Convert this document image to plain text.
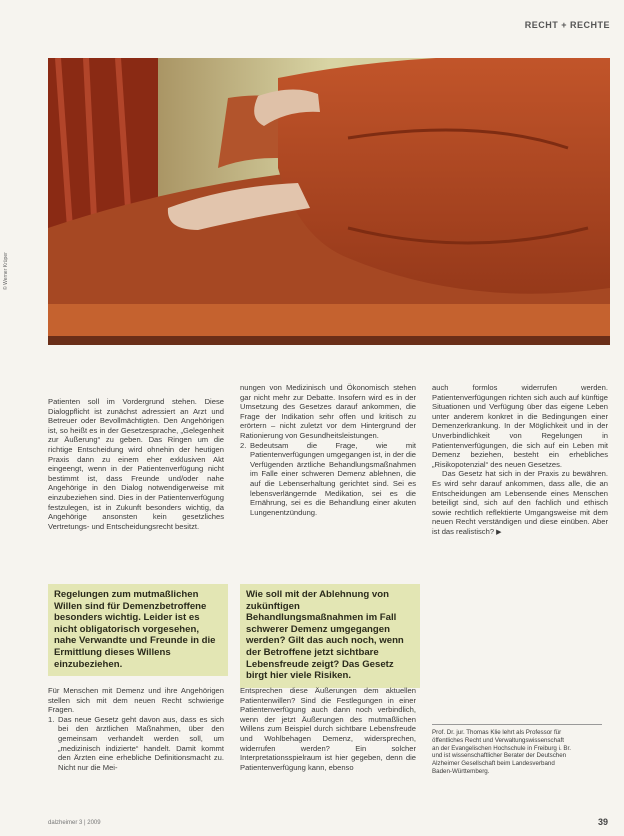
RECHT + RECHTE
© Werner Krüper

Patienten soll im Vordergrund stehen. Diese Dialogpflicht ist zunächst adressiert an Arzt und Betreuer oder Bevollmächtigten. Den Angehörigen ist, so heißt es in der Gesetzesprache, „Gelegenheit zur Äußerung“ zu geben. Das Ringen um die richtige Entscheidung wird ohnehin der heutigen Praxis dann zu einem eher exklusiven Akt eingeengt, wenn in der Patientenverfügung nicht bestimmt ist, dass Freunde und/oder nahe Angehörige in den Dialog notwendigerweise mit einzubeziehen sind. Dies in der Patientenverfügung festzulegen, ist in Zukunft besonders wichtig, da Angehörige ansonsten kein gesetzliches Vertretungs- und Entscheidungsrecht besitzt.

Regelungen zum mutmaßlichen Willen sind für Demenzbetroffene besonders wichtig. Leider ist es nicht obligatorisch vorgesehen, nahe Verwandte und Freunde in die Ermittlung dieses Willens einzubeziehen.

Für Menschen mit Demenz und ihre Angehörigen stellen sich mit dem neuen Recht schwierige Fragen.

1. Das neue Gesetz geht davon aus, dass es sich bei den ärztlichen Maßnahmen, über den gemeinsam verhandelt werden soll, um „medizinisch indizierte“ handelt. Damit kommt den Ärzten eine erhebliche Definitionsmacht zu. Nicht nur die Mei-

nungen von Medizinisch und Ökonomisch stehen gar nicht mehr zur Debatte. Insofern wird es in der Umsetzung des Gesetzes darauf ankommen, die Frage der Indikation sehr offen und kritisch zu erörtern – nicht zuletzt vor dem Hintergrund der Rationierung von Gesundheitsleistungen.

2. Bedeutsam die Frage, wie mit Patientenverfügungen umgegangen ist, in der die Verfügenden ärztliche Behandlungsmaßnahmen im Falle einer schweren Demenz ablehnen, die auf die Lebenserhaltung gerichtet sind. Sei es lebensverlängernde Medikation, sei es die Ernährung, sei es die Behandlung einer akuten Lungenentzündung.
Wie soll mit der Ablehnung von zukünftigen Behandlungsmaßnahmen im Fall schwerer Demenz umgegangen werden? Gilt das auch noch, wenn der Betroffene jetzt sichtbare Lebensfreude zeigt? Das Gesetz birgt hier viele Risiken.

Entsprechen diese Äußerungen dem aktuellen Patientenwillen? Sind die Festlegungen in einer Patientenverfügung auch dann noch verbindlich, wenn der jetzt Äußerungen des mutmaßlichen Willens zum Beispiel durch sichtbare Lebensfreude und Wohlbehagen Demenz, widersprechen, widerrufen werden? Ein solcher Interpretationsspielraum ist hier gegeben, denn die Patientenverfügung kann, ebenso

auch formlos widerrufen werden. Patientenverfügungen richten sich auch auf künftige Situationen und Verfügung über das eigene Leben unter anderem konkret in die Bedingungen einer Demenzerkrankung. In der Möglichkeit und in der Unverbindlichkeit von Regelungen in Patientenverfügungen, die sich auf ein Leben mit Demenz beziehen, besteht ein erhebliches „Risikopotenzial“ des neuen Gesetzes.

Das Gesetz hat sich in der Praxis zu bewähren. Es wird sehr darauf ankommen, dass alle, die an Entscheidungen am Lebensende eines Menschen beteiligt sind, sich auf den fachlich und ethisch sowie rechtlich reflektierte Umgangsweise mit dem neuen Recht verständigen und diese einüben. Aber ist das realistisch? ▶

Prof. Dr. jur. Thomas Klie lehrt als Professor für öffentliches Recht und Verwaltungswissenschaft an der Evangelischen Hochschule in Freiburg i. Br. und ist wissenschaftlicher Berater der Deutschen Alzheimer Gesellschaft beim Landesverband Baden-Württemberg.
dalzheimer 3 | 2009	39
